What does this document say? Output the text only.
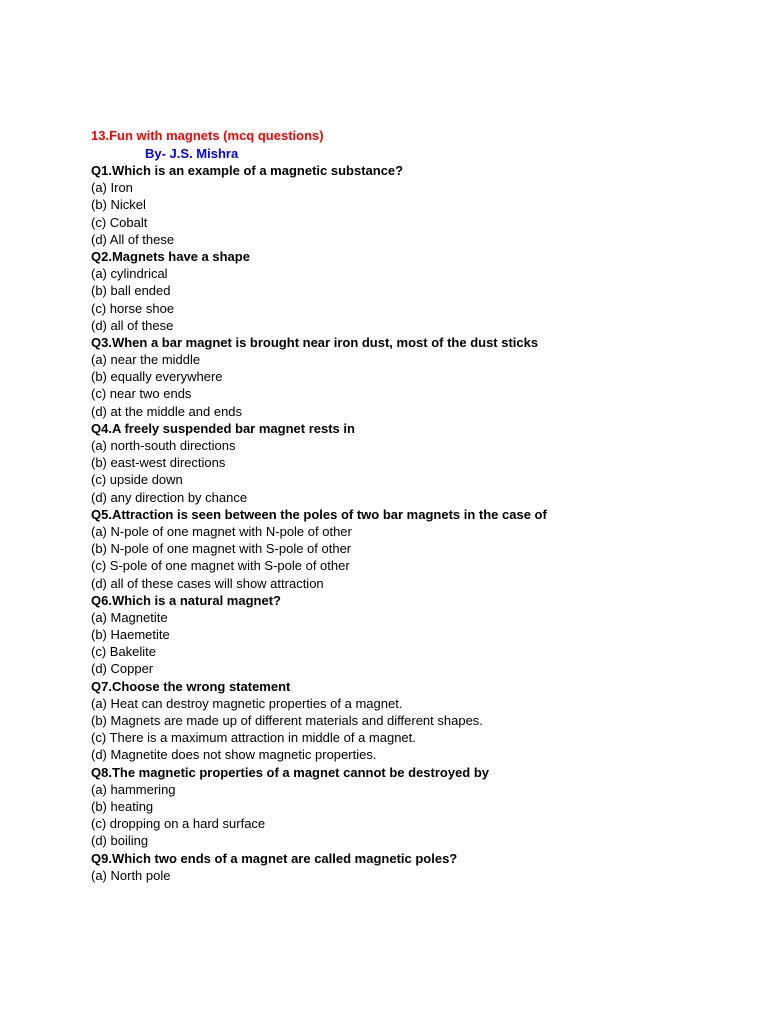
13.Fun with magnets (mcq questions)
By- J.S. Mishra
Q1.Which is an example of a magnetic substance?
(a) Iron
(b) Nickel
(c) Cobalt
(d) All of these
Q2.Magnets have a shape
(a) cylindrical
(b) ball ended
(c) horse shoe
(d) all of these
Q3.When a bar magnet is brought near iron dust, most of the dust sticks
(a) near the middle
(b) equally everywhere
(c) near two ends
(d) at the middle and ends
Q4.A freely suspended bar magnet rests in
(a) north-south directions
(b) east-west directions
(c) upside down
(d) any direction by chance
Q5.Attraction is seen between the poles of two bar magnets in the case of
(a) N-pole of one magnet with N-pole of other
(b) N-pole of one magnet with S-pole of other
(c) S-pole of one magnet with S-pole of other
(d) all of these cases will show attraction
Q6.Which is a natural magnet?
(a) Magnetite
(b) Haemetite
(c) Bakelite
(d) Copper
Q7.Choose the wrong statement
(a) Heat can destroy magnetic properties of a magnet.
(b) Magnets are made up of different materials and different shapes.
(c) There is a maximum attraction in middle of a magnet.
(d) Magnetite does not show magnetic properties.
Q8.The magnetic properties of a magnet cannot be destroyed by
(a) hammering
(b) heating
(c) dropping on a hard surface
(d) boiling
Q9.Which two ends of a magnet are called magnetic poles?
(a) North pole
